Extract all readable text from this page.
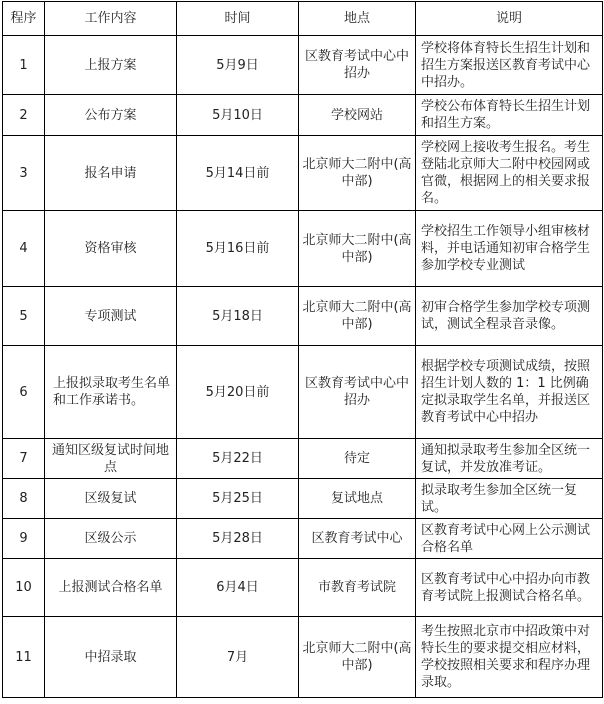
程序	工作内容	时间	地点	说明
1	上报方案	5月9日	区教育考试中心中招办	学校将体育特长生招生计划和招生方案报送区教育考试中心中招办。
2	公布方案	5月10日	学校网站	学校公布体育特长生招生计划和招生方案。
3	报名申请	5月14日前	北京师大二附中(高中部)	学校网上接收考生报名。考生登陆北京师大二附中校园网或官微，根据网上的相关要求报名。
4	资格审核	5月16日前	北京师大二附中(高中部)	学校招生工作领导小组审核材料，并电话通知初审合格学生参加学校专业测试
5	专项测试	5月18日	北京师大二附中(高中部)	初审合格学生参加学校专项测试，测试全程录音录像。
6	上报拟录取考生名单和工作承诺书。	5月20日前	区教育考试中心中招办	根据学校专项测试成绩，按照招生计划人数的 1：1 比例确定拟录取学生名单，并报送区教育考试中心中招办
7	通知区级复试时间地点	5月22日	待定	通知拟录取考生参加全区统一复试，并发放准考证。
8	区级复试	5月25日	复试地点	拟录取考生参加全区统一复试。
9	区级公示	5月28日	区教育考试中心	区教育考试中心网上公示测试合格名单
10	上报测试合格名单	6月4日	市教育考试院	区教育考试中心中招办向市教育考试院上报测试合格名单。
11	中招录取	7月	北京师大二附中(高中部)	考生按照北京市中招政策中对特长生的要求提交相应材料，学校按照相关要求和程序办理录取。
